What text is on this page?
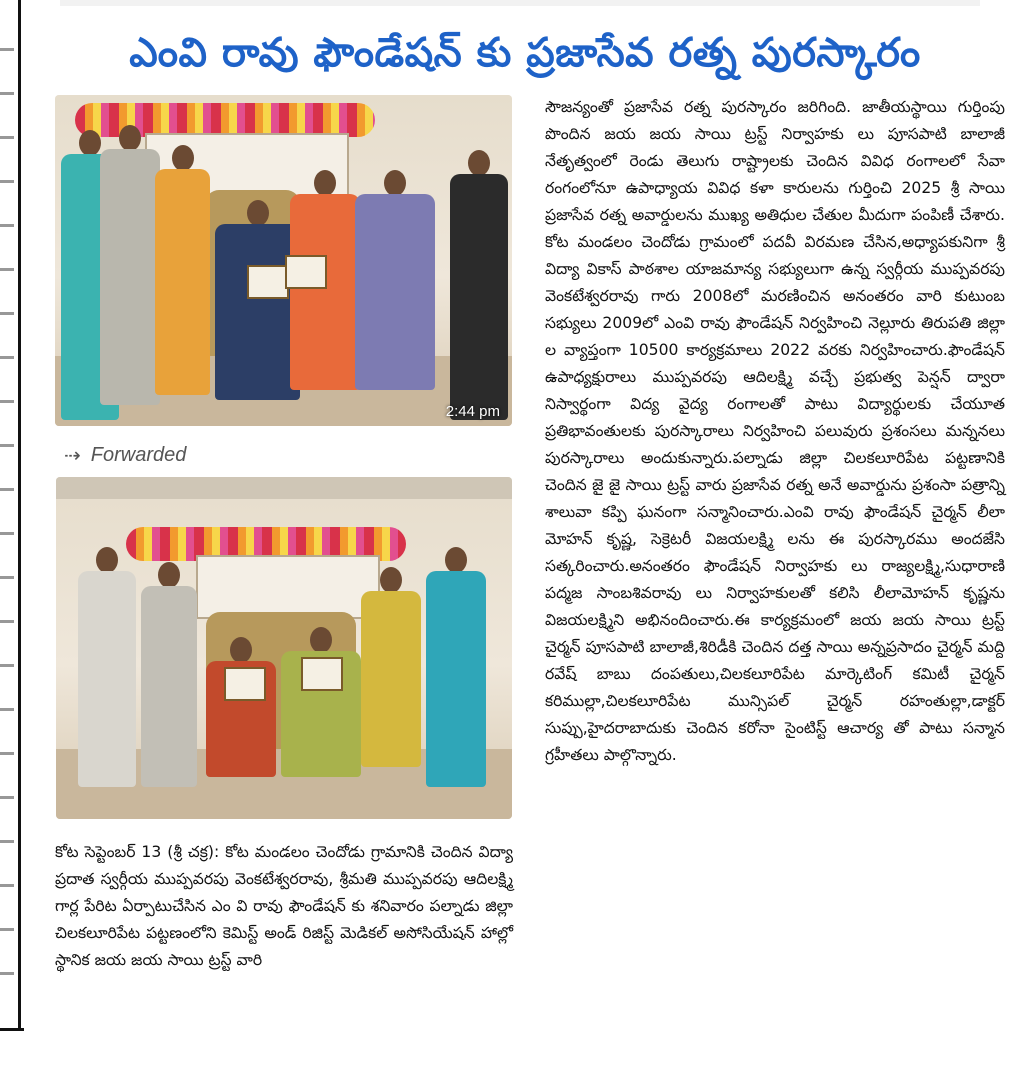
ఎంవి రావు ఫౌండేషన్ కు ప్రజాసేవ రత్న పురస్కారం
2:44 pm
⇢ Forwarded

కోట సెప్టెంబర్ 13 (శ్రీ చక్ర): కోట మండలం చెందోడు గ్రామానికి చెందిన విద్యా ప్రదాత స్వర్గీయ ముప్పవరపు వెంకటేశ్వరరావు, శ్రీమతి ముప్పవరపు ఆదిలక్ష్మి గార్ల పేరిట ఏర్పాటుచేసిన ఎం వి రావు ఫౌండేషన్ కు శనివారం పల్నాడు జిల్లా చిలకలూరిపేట పట్టణంలోని కెమిస్ట్ అండ్ రిజిస్ట్ మెడికల్ అసోసియేషన్ హాల్లో స్థానిక జయ జయ సాయి ట్రస్ట్ వారి

సౌజన్యంతో ప్రజాసేవ రత్న పురస్కారం జరిగింది. జాతీయస్థాయి గుర్తింపు పొందిన జయ జయ సాయి ట్రస్ట్ నిర్వాహకు లు పూసపాటి బాలాజీ నేతృత్వంలో రెండు తెలుగు రాష్ట్రాలకు చెందిన వివిధ రంగాలలో సేవా రంగంలోనూ ఉపాధ్యాయ వివిధ కళా కారులను గుర్తించి 2025 శ్రీ సాయి ప్రజాసేవ రత్న అవార్డులను ముఖ్య అతిధుల చేతుల మీదుగా పంపిణీ చేశారు. కోట మండలం చెందోడు గ్రామంలో పదవీ విరమణ చేసిన,అధ్యాపకునిగా శ్రీ విద్యా వికాస్ పాఠశాల యాజమాన్య సభ్యులుగా ఉన్న స్వర్గీయ ముప్పవరపు వెంకటేశ్వరరావు గారు 2008లో మరణించిన అనంతరం వారి కుటుంబ సభ్యులు 2009లో ఎంవి రావు ఫౌండేషన్ నిర్వహించి నెల్లూరు తిరుపతి జిల్లా ల వ్యాప్తంగా 10500 కార్యక్రమాలు 2022 వరకు నిర్వహించారు.ఫౌండేషన్ ఉపాధ్యక్షురాలు ముప్పవరపు ఆదిలక్ష్మి వచ్చే ప్రభుత్వ పెన్షన్ ద్వారా నిస్వార్థంగా విద్య వైద్య రంగాలతో పాటు విద్యార్థులకు చేయూత ప్రతిభావంతులకు పురస్కారాలు నిర్వహించి పలువురు ప్రశంసలు మన్ననలు పురస్కారాలు అందుకున్నారు.పల్నాడు జిల్లా చిలకలూరిపేట పట్టణానికి చెందిన జై జై సాయి ట్రస్ట్ వారు ప్రజాసేవ రత్న అనే అవార్డును ప్రశంసా పత్రాన్ని శాలువా కప్పి ఘనంగా సన్మానించారు.ఎంవి రావు ఫౌండేషన్ చైర్మన్ లీలా మోహన్ కృష్ణ, సెక్రెటరీ విజయలక్ష్మి లను ఈ పురస్కారము అందజేసి సత్కరించారు.అనంతరం ఫౌండేషన్ నిర్వాహకు లు రాజ్యలక్ష్మి,సుధారాణి పద్మజ సాంబశివరావు లు నిర్వాహకులతో కలిసి లీలామోహన్ కృష్ణను విజయలక్ష్మిని అభినందించారు.ఈ కార్యక్రమంలో జయ జయ సాయి ట్రస్ట్ చైర్మన్ పూసపాటి బాలాజీ,శిరిడీకి చెందిన దత్త సాయి అన్నప్రసాదం చైర్మన్ మద్ది రవేష్ బాబు దంపతులు,చిలకలూరిపేట మార్కెటింగ్ కమిటీ చైర్మన్ కరిముల్లా,చిలకలూరిపేట మున్సిపల్ చైర్మన్ రహంతుల్లా,డాక్టర్ సుప్పు,హైదరాబాదుకు చెందిన కరోనా సైంటిస్ట్ ఆచార్య తో పాటు సన్మాన గ్రహీతలు పాల్గొన్నారు.
